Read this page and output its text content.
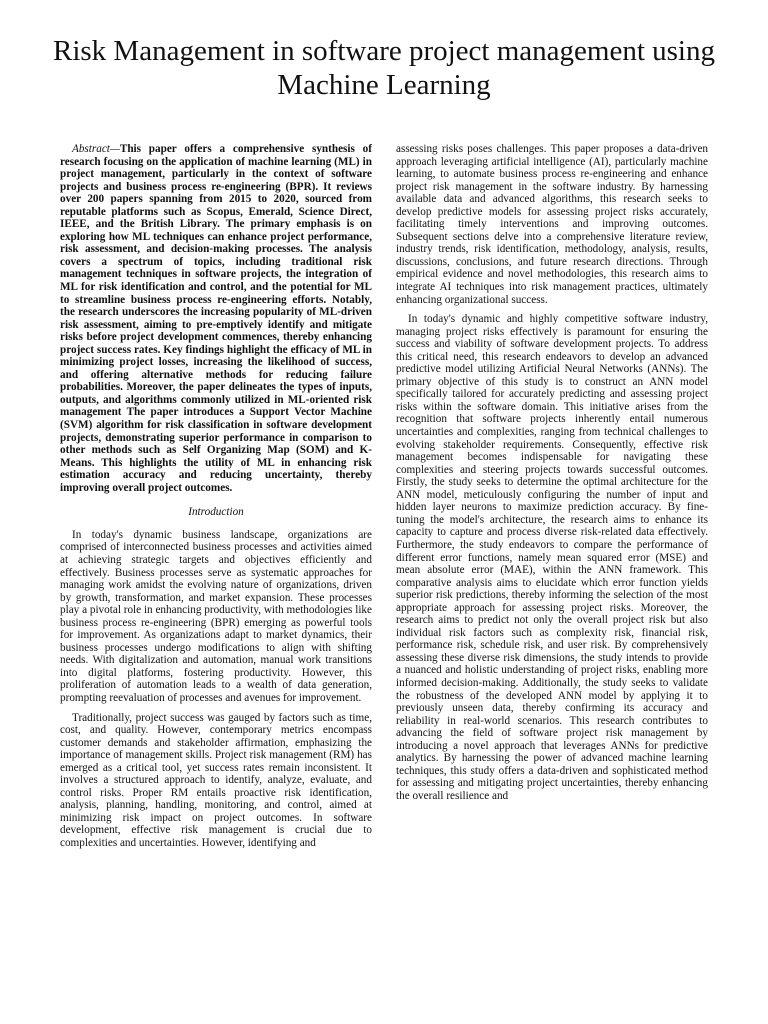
Risk Management in software project management using Machine Learning

Abstract—This paper offers a comprehensive synthesis of research focusing on the application of machine learning (ML) in project management, particularly in the context of software projects and business process re-engineering (BPR). It reviews over 200 papers spanning from 2015 to 2020, sourced from reputable platforms such as Scopus, Emerald, Science Direct, IEEE, and the British Library. The primary emphasis is on exploring how ML techniques can enhance project performance, risk assessment, and decision-making processes. The analysis covers a spectrum of topics, including traditional risk management techniques in software projects, the integration of ML for risk identification and control, and the potential for ML to streamline business process re-engineering efforts. Notably, the research underscores the increasing popularity of ML-driven risk assessment, aiming to pre-emptively identify and mitigate risks before project development commences, thereby enhancing project success rates. Key findings highlight the efficacy of ML in minimizing project losses, increasing the likelihood of success, and offering alternative methods for reducing failure probabilities. Moreover, the paper delineates the types of inputs, outputs, and algorithms commonly utilized in ML-oriented risk management The paper introduces a Support Vector Machine (SVM) algorithm for risk classification in software development projects, demonstrating superior performance in comparison to other methods such as Self Organizing Map (SOM) and K-Means. This highlights the utility of ML in enhancing risk estimation accuracy and reducing uncertainty, thereby improving overall project outcomes.

Introduction

In today's dynamic business landscape, organizations are comprised of interconnected business processes and activities aimed at achieving strategic targets and objectives efficiently and effectively. Business processes serve as systematic approaches for managing work amidst the evolving nature of organizations, driven by growth, transformation, and market expansion. These processes play a pivotal role in enhancing productivity, with methodologies like business process re-engineering (BPR) emerging as powerful tools for improvement. As organizations adapt to market dynamics, their business processes undergo modifications to align with shifting needs. With digitalization and automation, manual work transitions into digital platforms, fostering productivity. However, this proliferation of automation leads to a wealth of data generation, prompting reevaluation of processes and avenues for improvement.

Traditionally, project success was gauged by factors such as time, cost, and quality. However, contemporary metrics encompass customer demands and stakeholder affirmation, emphasizing the importance of management skills. Project risk management (RM) has emerged as a critical tool, yet success rates remain inconsistent. It involves a structured approach to identify, analyze, evaluate, and control risks. Proper RM entails proactive risk identification, analysis, planning, handling, monitoring, and control, aimed at minimizing risk impact on project outcomes. In software development, effective risk management is crucial due to complexities and uncertainties. However, identifying and

assessing risks poses challenges. This paper proposes a data-driven approach leveraging artificial intelligence (AI), particularly machine learning, to automate business process re-engineering and enhance project risk management in the software industry. By harnessing available data and advanced algorithms, this research seeks to develop predictive models for assessing project risks accurately, facilitating timely interventions and improving outcomes. Subsequent sections delve into a comprehensive literature review, industry trends, risk identification, methodology, analysis, results, discussions, conclusions, and future research directions. Through empirical evidence and novel methodologies, this research aims to integrate AI techniques into risk management practices, ultimately enhancing organizational success.

In today's dynamic and highly competitive software industry, managing project risks effectively is paramount for ensuring the success and viability of software development projects. To address this critical need, this research endeavors to develop an advanced predictive model utilizing Artificial Neural Networks (ANNs). The primary objective of this study is to construct an ANN model specifically tailored for accurately predicting and assessing project risks within the software domain. This initiative arises from the recognition that software projects inherently entail numerous uncertainties and complexities, ranging from technical challenges to evolving stakeholder requirements. Consequently, effective risk management becomes indispensable for navigating these complexities and steering projects towards successful outcomes. Firstly, the study seeks to determine the optimal architecture for the ANN model, meticulously configuring the number of input and hidden layer neurons to maximize prediction accuracy. By fine-tuning the model's architecture, the research aims to enhance its capacity to capture and process diverse risk-related data effectively. Furthermore, the study endeavors to compare the performance of different error functions, namely mean squared error (MSE) and mean absolute error (MAE), within the ANN framework. This comparative analysis aims to elucidate which error function yields superior risk predictions, thereby informing the selection of the most appropriate approach for assessing project risks. Moreover, the research aims to predict not only the overall project risk but also individual risk factors such as complexity risk, financial risk, performance risk, schedule risk, and user risk. By comprehensively assessing these diverse risk dimensions, the study intends to provide a nuanced and holistic understanding of project risks, enabling more informed decision-making. Additionally, the study seeks to validate the robustness of the developed ANN model by applying it to previously unseen data, thereby confirming its accuracy and reliability in real-world scenarios. This research contributes to advancing the field of software project risk management by introducing a novel approach that leverages ANNs for predictive analytics. By harnessing the power of advanced machine learning techniques, this study offers a data-driven and sophisticated method for assessing and mitigating project uncertainties, thereby enhancing the overall resilience and
